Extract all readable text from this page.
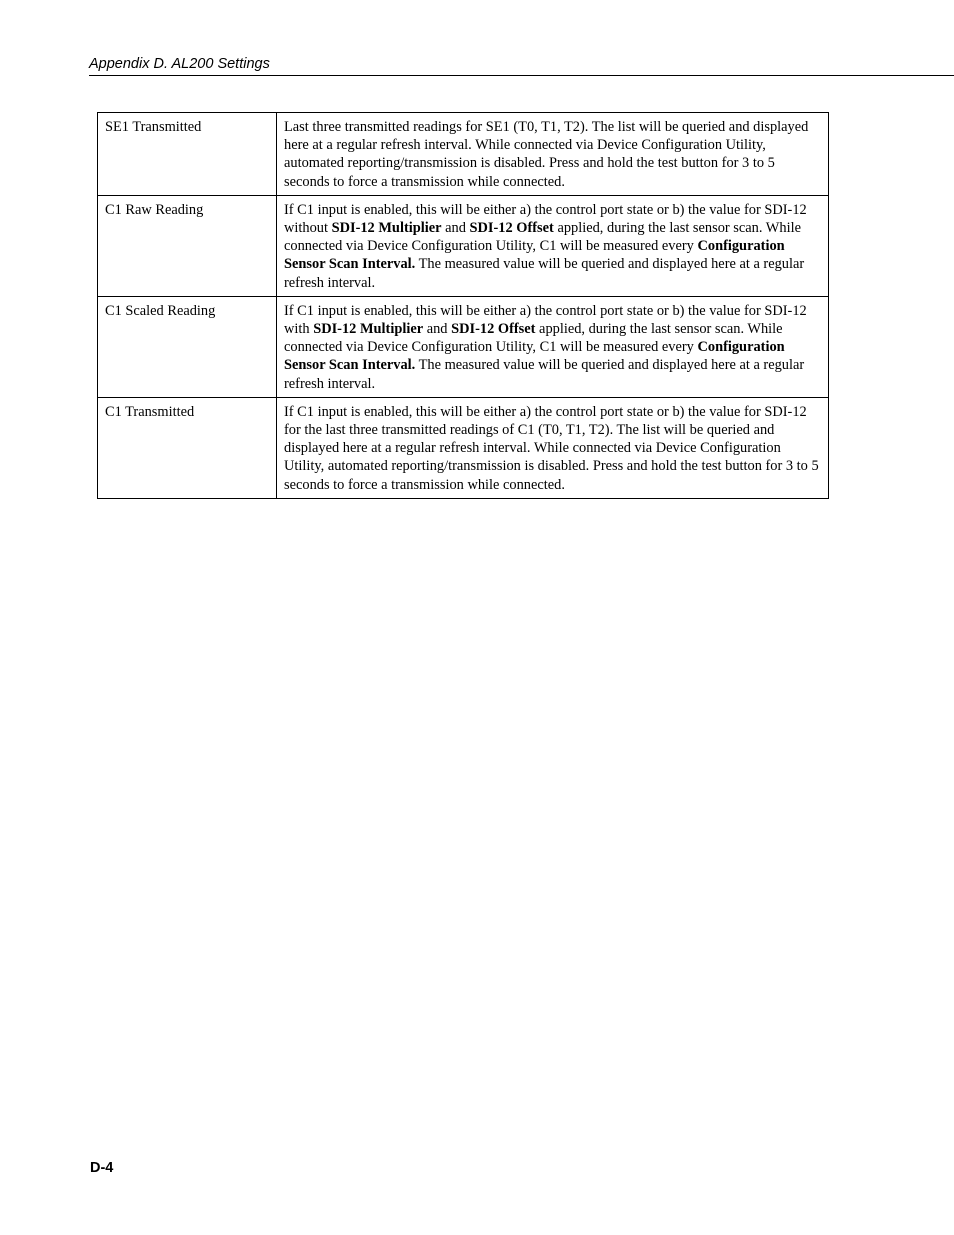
Appendix D. AL200 Settings
SE1 Transmitted	Last three transmitted readings for SE1 (T0, T1, T2). The list will be queried and displayed here at a regular refresh interval. While connected via Device Configuration Utility, automated reporting/transmission is disabled. Press and hold the test button for 3 to 5 seconds to force a transmission while connected.
C1 Raw Reading	If C1 input is enabled, this will be either a) the control port state or b) the value for SDI-12 without SDI-12 Multiplier and SDI-12 Offset applied, during the last sensor scan. While connected via Device Configuration Utility, C1 will be measured every Configuration Sensor Scan Interval. The measured value will be queried and displayed here at a regular refresh interval.
C1 Scaled Reading	If C1 input is enabled, this will be either a) the control port state or b) the value for SDI-12 with SDI-12 Multiplier and SDI-12 Offset applied, during the last sensor scan. While connected via Device Configuration Utility, C1 will be measured every Configuration Sensor Scan Interval. The measured value will be queried and displayed here at a regular refresh interval.
C1 Transmitted	If C1 input is enabled, this will be either a) the control port state or b) the value for SDI-12 for the last three transmitted readings of C1 (T0, T1, T2). The list will be queried and displayed here at a regular refresh interval. While connected via Device Configuration Utility, automated reporting/transmission is disabled. Press and hold the test button for 3 to 5 seconds to force a transmission while connected.
D-4
